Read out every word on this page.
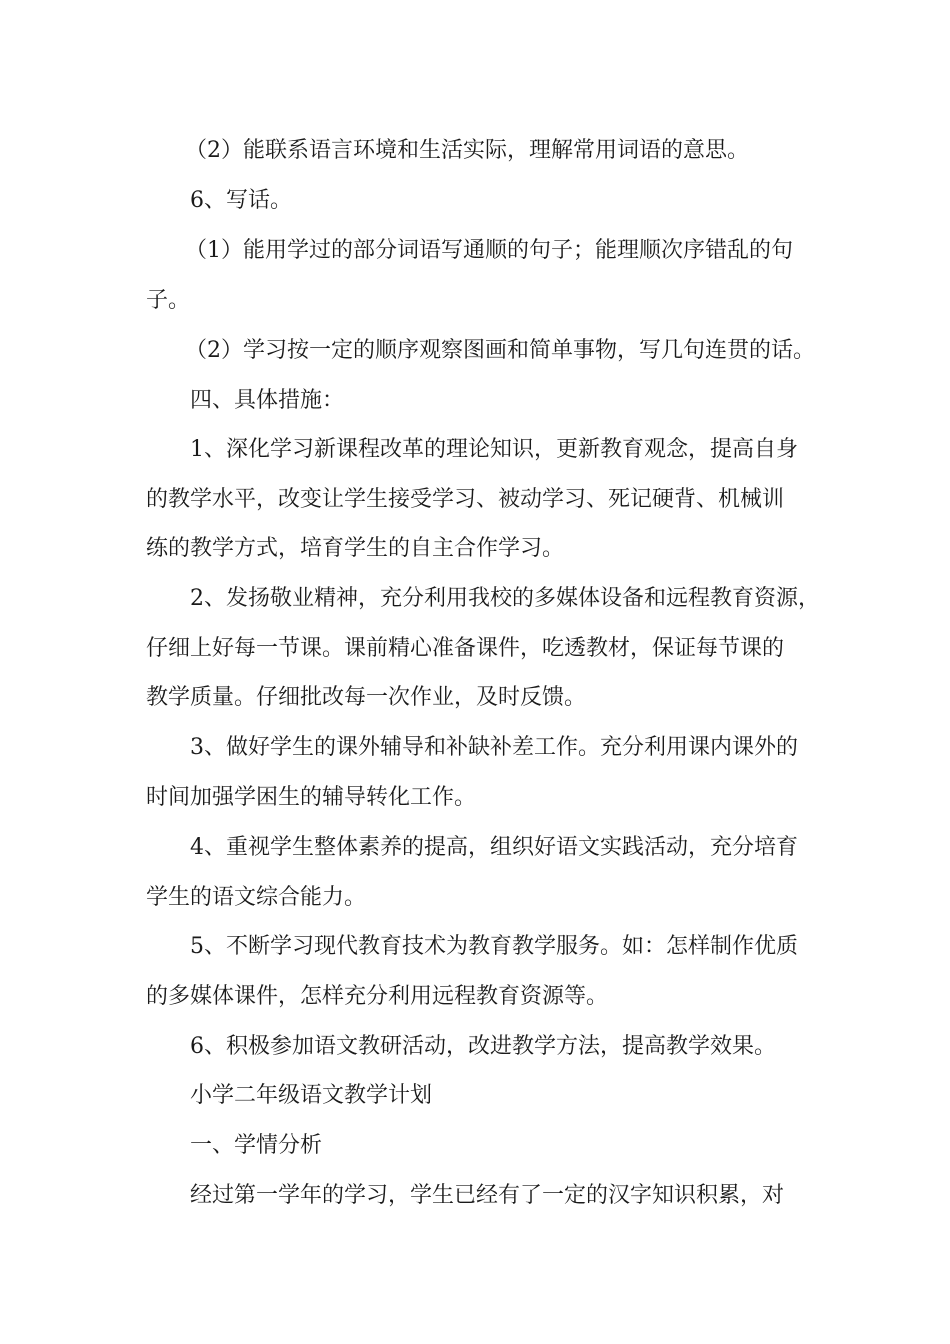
（2）能联系语言环境和生活实际，理解常用词语的意思。

6、写话。

（1）能用学过的部分词语写通顺的句子；能理顺次序错乱的句

子。

（2）学习按一定的顺序观察图画和简单事物，写几句连贯的话。

四、具体措施：

1、深化学习新课程改革的理论知识，更新教育观念，提高自身

的教学水平，改变让学生接受学习、被动学习、死记硬背、机械训

练的教学方式，培育学生的自主合作学习。

2、发扬敬业精神，充分利用我校的多媒体设备和远程教育资源，

仔细上好每一节课。课前精心准备课件，吃透教材，保证每节课的

教学质量。仔细批改每一次作业，及时反馈。

3、做好学生的课外辅导和补缺补差工作。充分利用课内课外的

时间加强学困生的辅导转化工作。

4、重视学生整体素养的提高，组织好语文实践活动，充分培育

学生的语文综合能力。

5、不断学习现代教育技术为教育教学服务。如：怎样制作优质

的多媒体课件，怎样充分利用远程教育资源等。

6、积极参加语文教研活动，改进教学方法，提高教学效果。

小学二年级语文教学计划

一、学情分析

经过第一学年的学习，学生已经有了一定的汉字知识积累，对
